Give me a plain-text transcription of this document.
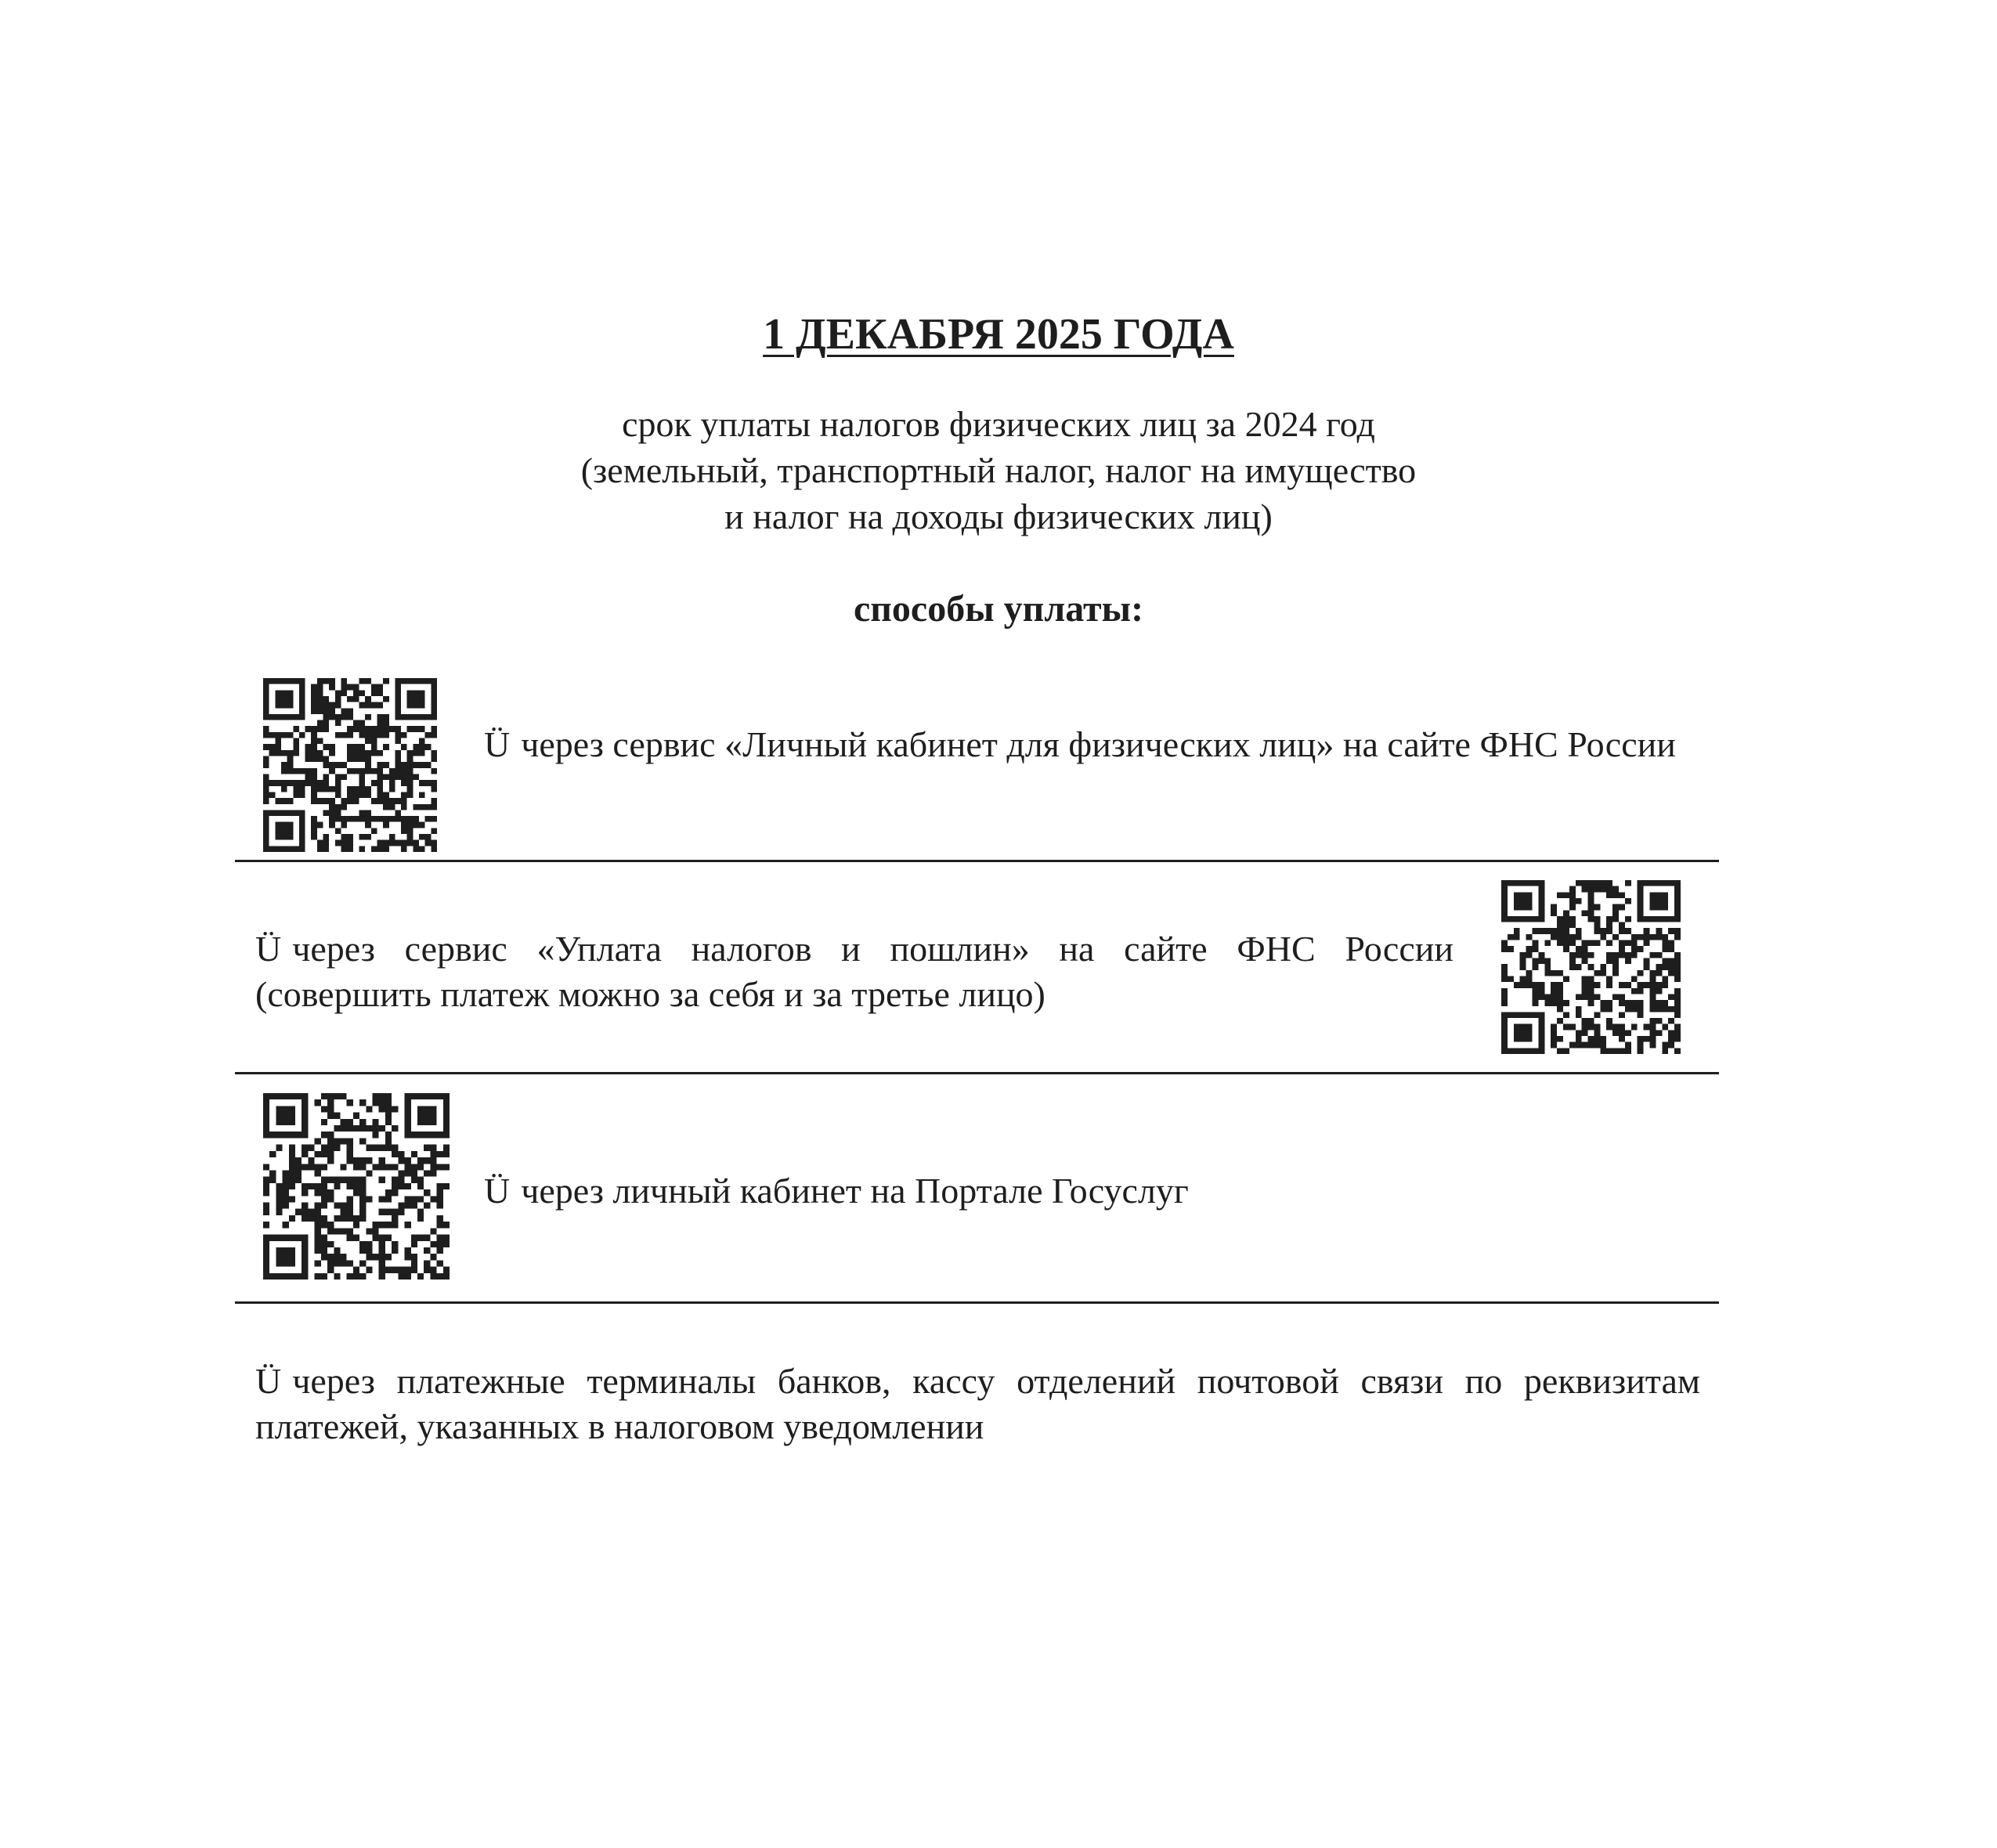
1 ДЕКАБРЯ 2025 ГОДА
срок уплаты налогов физических лиц за 2024 год
(земельный, транспортный налог, налог на имущество
и налог на доходы физических лиц)
способы уплаты:
Ü через сервис «Личный кабинет для физических лиц» на сайте ФНС России
Ü через сервис «Уплата налогов и пошлин» на сайте ФНС России (совершить платеж можно за себя и за третье лицо)
Ü через личный кабинет на Портале Госуслуг
Ü через платежные терминалы банков, кассу отделений почтовой связи по реквизитам платежей, указанных в налоговом уведомлении
